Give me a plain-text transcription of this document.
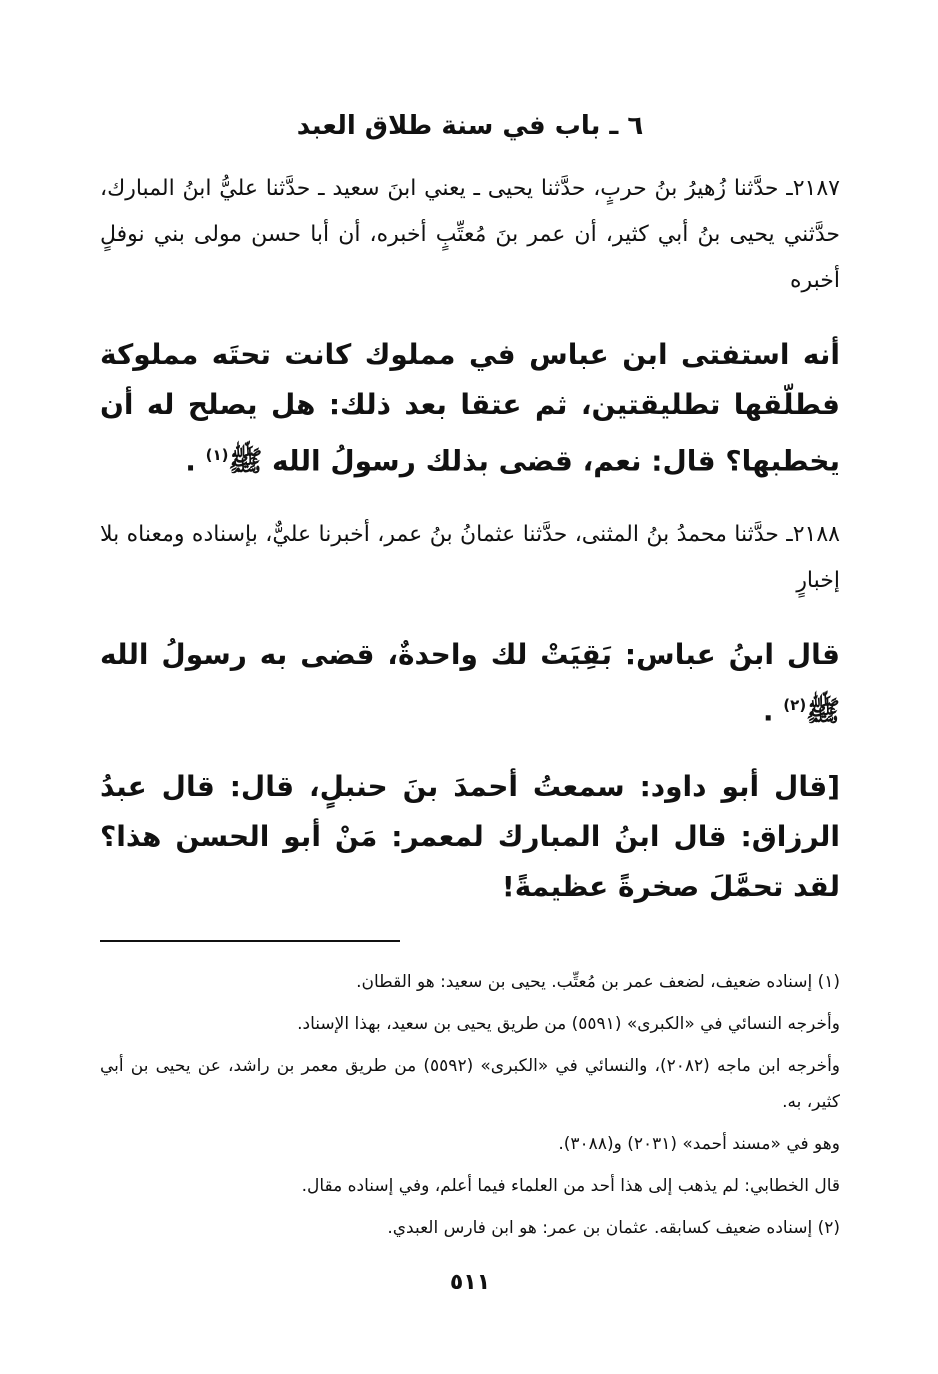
٦ ـ باب في سنة طلاق العبد

٢١٨٧ـ حدَّثنا زُهيرُ بنُ حربٍ، حدَّثنا يحيى ـ يعني ابنَ سعيد ـ حدَّثنا عليُّ ابنُ المبارك، حدَّثني يحيى بنُ أبي كثير، أن عمر بنَ مُعتِّبٍ أخبره، أن أبا حسن مولى بني نوفلٍ أخبره

أنه استفتى ابن عباس في مملوك كانت تحتَه مملوكة فطلّقها تطليقتين، ثم عتقا بعد ذلك: هل يصلح له أن يخطبها؟ قال: نعم، قضى بذلك رسولُ الله ﷺ$^{(١)}$ .

٢١٨٨ـ حدَّثنا محمدُ بنُ المثنى، حدَّثنا عثمانُ بنُ عمر، أخبرنا عليٌّ، بإسناده ومعناه بلا إخبارٍ

قال ابنُ عباس: بَقِيَتْ لك واحدةٌ، قضى به رسولُ الله ﷺ$^{(٢)}$ .

[قال أبو داود: سمعتُ أحمدَ بنَ حنبلٍ، قال: قال عبدُ الرزاق: قال ابنُ المبارك لمعمر: مَنْ أبو الحسن هذا؟ لقد تحمَّلَ صخرةً عظيمةً!

(١) إسناده ضعيف، لضعف عمر بن مُعتِّب. يحيى بن سعيد: هو القطان.

وأخرجه النسائي في «الكبرى» (٥٥٩١) من طريق يحيى بن سعيد، بهذا الإسناد.

وأخرجه ابن ماجه (٢٠٨٢)، والنسائي في «الكبرى» (٥٥٩٢) من طريق معمر بن راشد، عن يحيى بن أبي كثير، به.

وهو في «مسند أحمد» (٢٠٣١) و(٣٠٨٨).

قال الخطابي: لم يذهب إلى هذا أحد من العلماء فيما أعلم، وفي إسناده مقال.

(٢) إسناده ضعيف كسابقه. عثمان بن عمر: هو ابن فارس العبدي.

٥١١
